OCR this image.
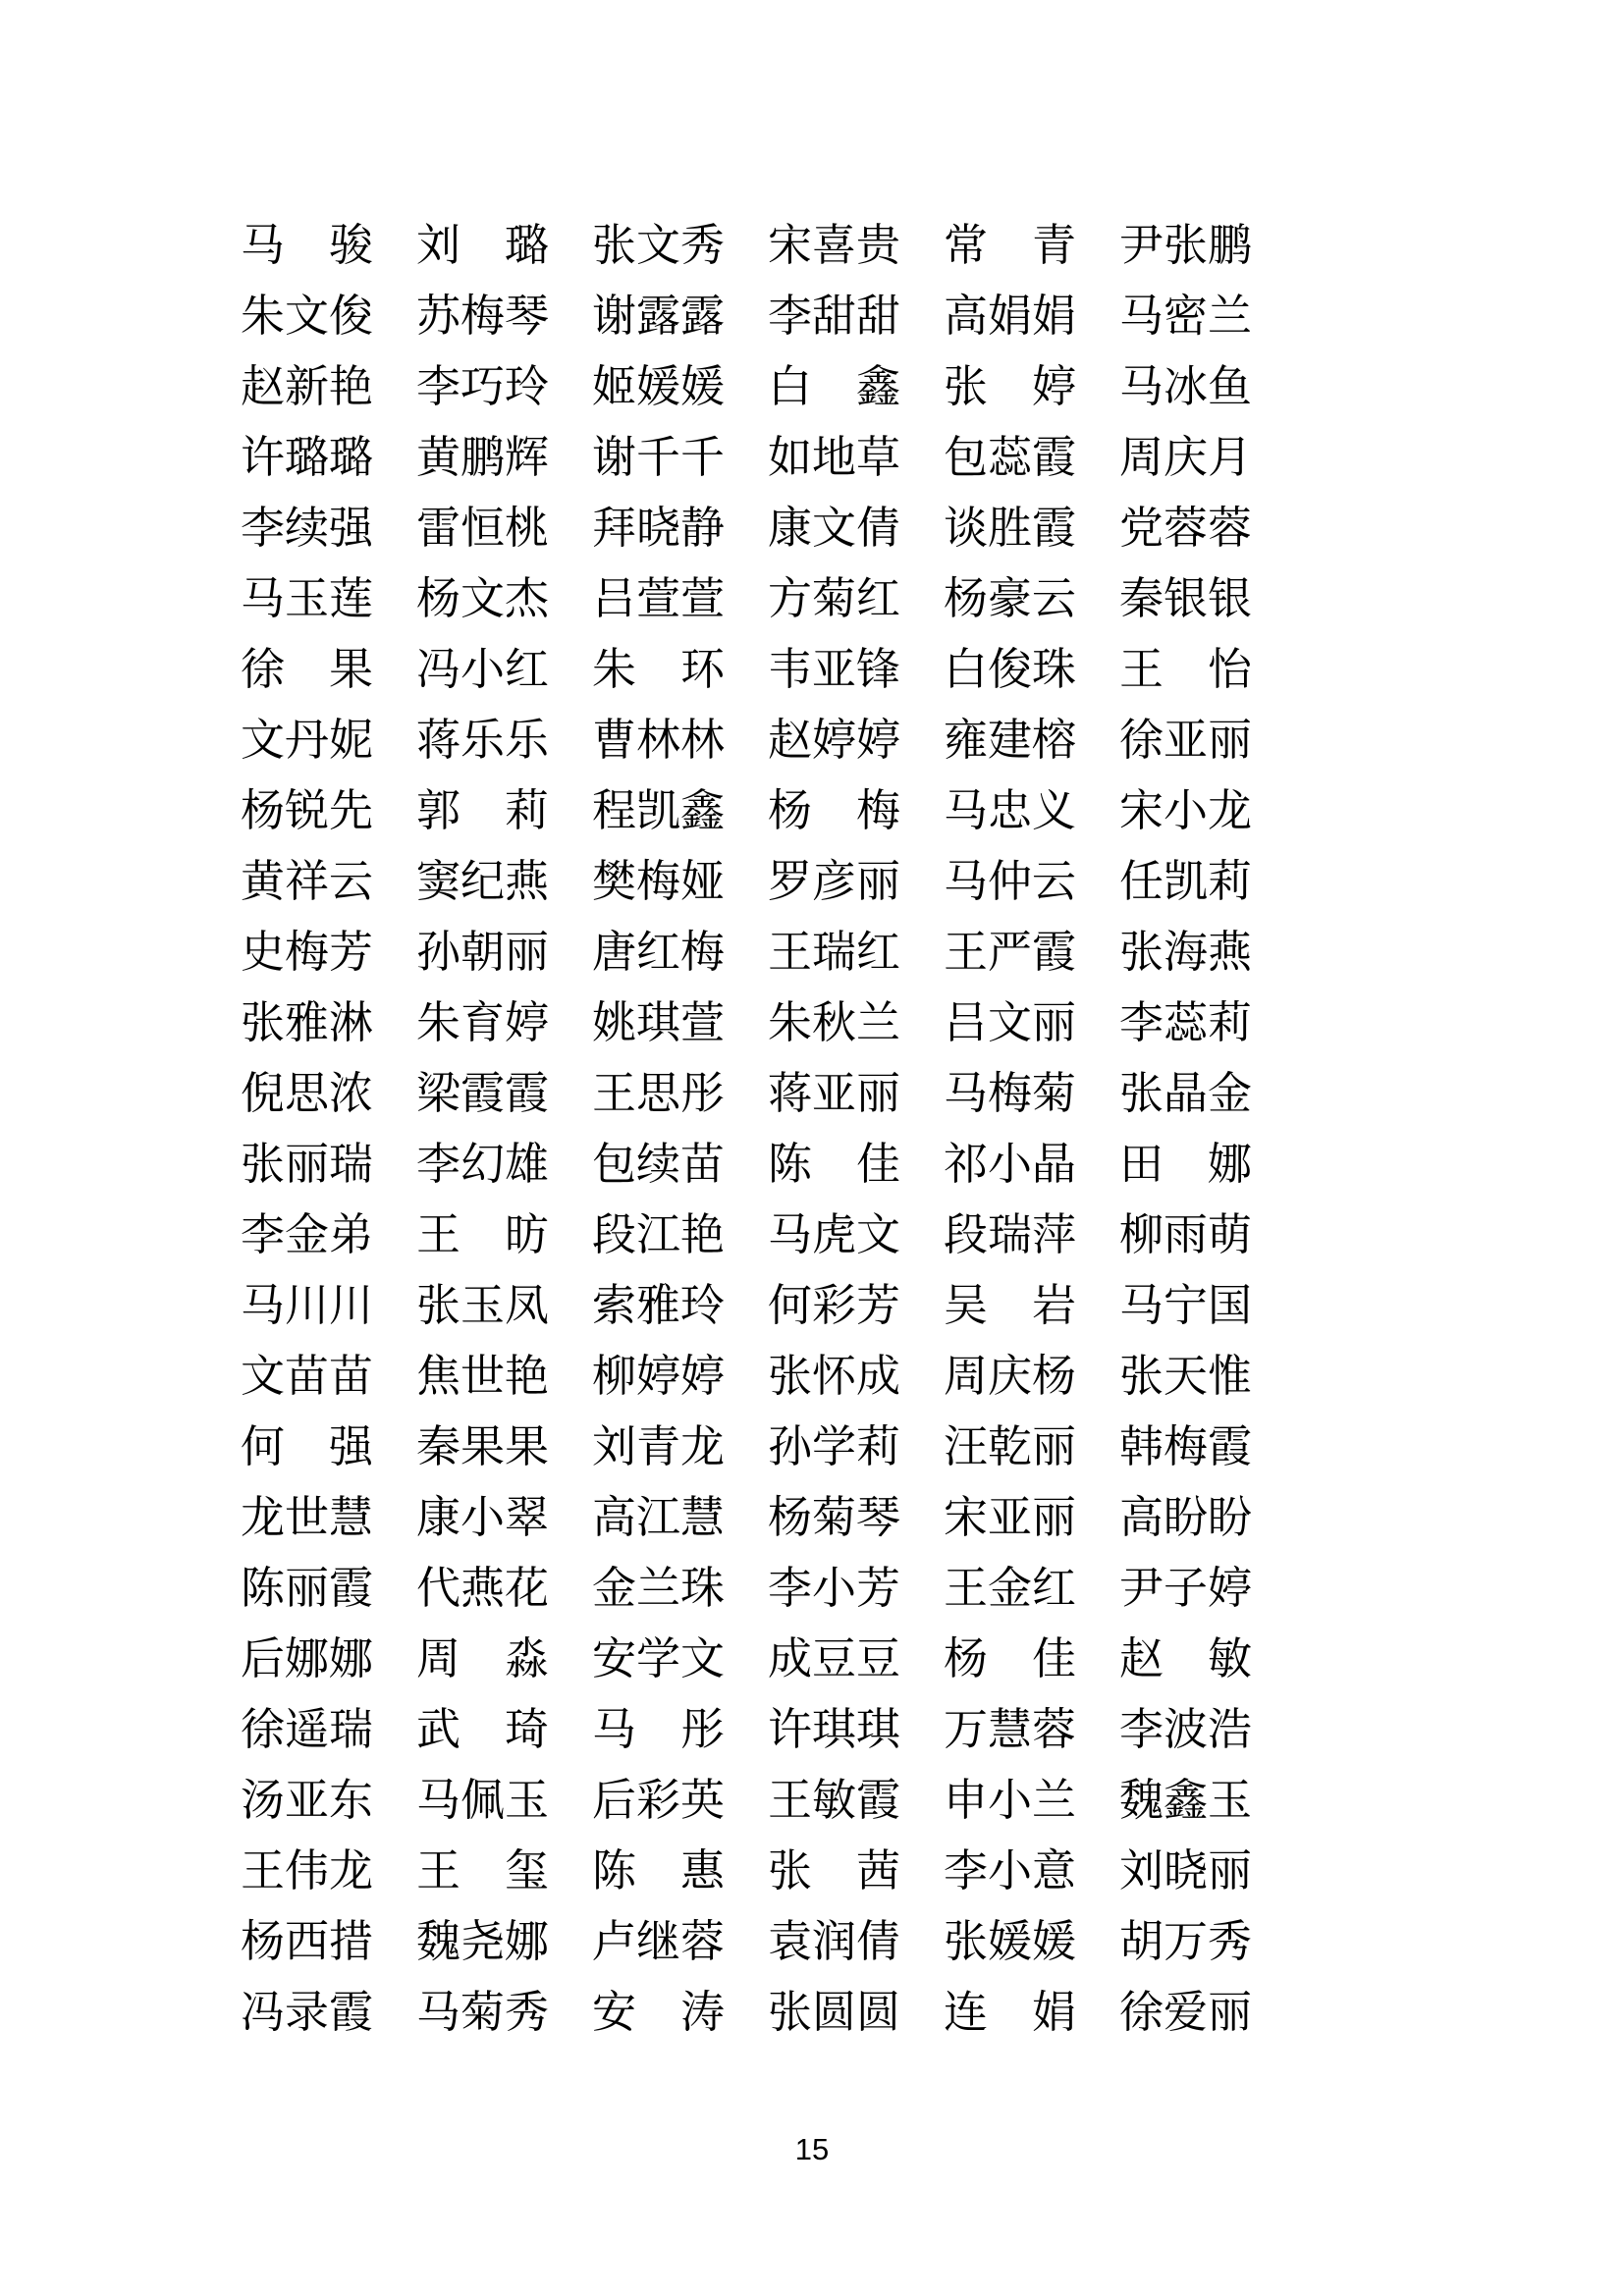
马　骏 刘　璐 张文秀 宋喜贵 常　青 尹张鹏
朱文俊 苏梅琴 谢露露 李甜甜 高娟娟 马密兰
赵新艳 李巧玲 姬媛媛 白　鑫 张　婷 马冰鱼
许璐璐 黄鹏辉 谢千千 如地草 包蕊霞 周庆月
李续强 雷恒桃 拜晓静 康文倩 谈胜霞 党蓉蓉
马玉莲 杨文杰 吕萱萱 方菊红 杨豪云 秦银银
徐　果 冯小红 朱　环 韦亚锋 白俊珠 王　怡
文丹妮 蒋乐乐 曹林林 赵婷婷 雍建榕 徐亚丽
杨锐先 郭　莉 程凯鑫 杨　梅 马忠义 宋小龙
黄祥云 窦纪燕 樊梅娅 罗彦丽 马仲云 任凯莉
史梅芳 孙朝丽 唐红梅 王瑞红 王严霞 张海燕
张雅淋 朱育婷 姚琪萱 朱秋兰 吕文丽 李蕊莉
倪思浓 梁霞霞 王思彤 蒋亚丽 马梅菊 张晶金
张丽瑞 李幻雄 包续苗 陈　佳 祁小晶 田　娜
李金弟 王　昉 段江艳 马虎文 段瑞萍 柳雨萌
马川川 张玉凤 索雅玲 何彩芳 吴　岩 马宁国
文苗苗 焦世艳 柳婷婷 张怀成 周庆杨 张天惟
何　强 秦果果 刘青龙 孙学莉 汪乾丽 韩梅霞
龙世慧 康小翠 高江慧 杨菊琴 宋亚丽 高盼盼
陈丽霞 代燕花 金兰珠 李小芳 王金红 尹子婷
后娜娜 周　淼 安学文 成豆豆 杨　佳 赵　敏
徐遥瑞 武　琦 马　彤 许琪琪 万慧蓉 李波浩
汤亚东 马佩玉 后彩英 王敏霞 申小兰 魏鑫玉
王伟龙 王　玺 陈　惠 张　茜 李小意 刘晓丽
杨西措 魏尧娜 卢继蓉 袁润倩 张媛媛 胡万秀
冯录霞 马菊秀 安　涛 张圆圆 连　娟 徐爱丽
15
